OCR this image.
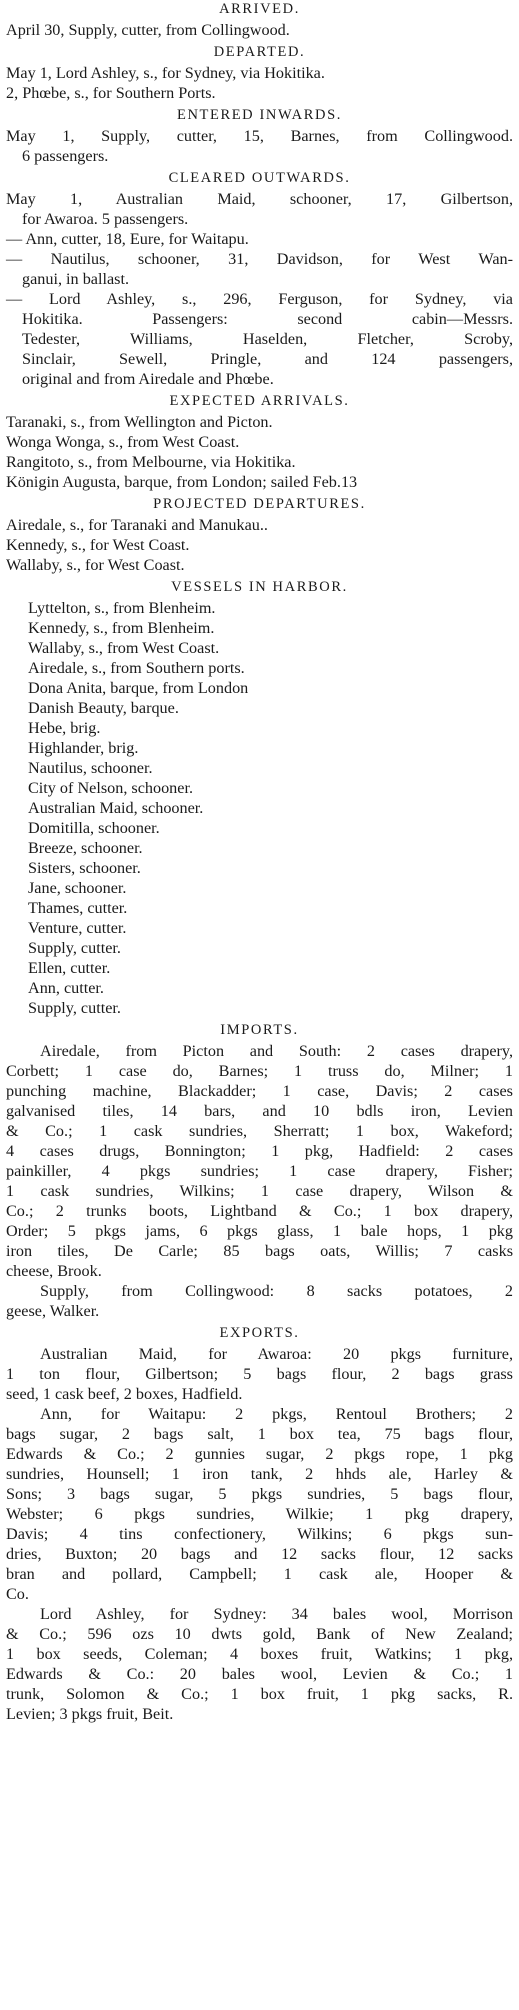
ARRIVED.
April 30, Supply, cutter, from Collingwood.
DEPARTED.
May 1, Lord Ashley, s., for Sydney, via Hokitika.
2, Phœbe, s., for Southern Ports.
ENTERED INWARDS.
May 1, Supply, cutter, 15, Barnes, from Collingwood.
6 passengers.
CLEARED OUTWARDS.
May 1, Australian Maid, schooner, 17, Gilbertson,
for Awaroa. 5 passengers.
— Ann, cutter, 18, Eure, for Waitapu.
— Nautilus, schooner, 31, Davidson, for West Wan-
ganui, in ballast.
— Lord Ashley, s., 296, Ferguson, for Sydney, via
Hokitika. Passengers: second cabin—Messrs.
Tedester, Williams, Haselden, Fletcher, Scroby,
Sinclair, Sewell, Pringle, and 124 passengers,
original and from Airedale and Phœbe.
EXPECTED ARRIVALS.
Taranaki, s., from Wellington and Picton.
Wonga Wonga, s., from West Coast.
Rangitoto, s., from Melbourne, via Hokitika.
Königin Augusta, barque, from London; sailed Feb.13
PROJECTED DEPARTURES.
Airedale, s., for Taranaki and Manukau..
Kennedy, s., for West Coast.
Wallaby, s., for West Coast.
VESSELS IN HARBOR.
Lyttelton, s., from Blenheim.
Kennedy, s., from Blenheim.
Wallaby, s., from West Coast.
Airedale, s., from Southern ports.
Dona Anita, barque, from London
Danish Beauty, barque.
Hebe, brig.
Highlander, brig.
Nautilus, schooner.
City of Nelson, schooner.
Australian Maid, schooner.
Domitilla, schooner.
Breeze, schooner.
Sisters, schooner.
Jane, schooner.
Thames, cutter.
Venture, cutter.
Supply, cutter.
Ellen, cutter.
Ann, cutter.
Supply, cutter.
IMPORTS.
Airedale, from Picton and South: 2 cases drapery,
Corbett; 1 case do, Barnes; 1 truss do, Milner; 1
punching machine, Blackadder; 1 case, Davis; 2 cases
galvanised tiles, 14 bars, and 10 bdls iron, Levien
& Co.; 1 cask sundries, Sherratt; 1 box, Wakeford;
4 cases drugs, Bonnington; 1 pkg, Hadfield: 2 cases
painkiller, 4 pkgs sundries; 1 case drapery, Fisher;
1 cask sundries, Wilkins; 1 case drapery, Wilson &
Co.; 2 trunks boots, Lightband & Co.; 1 box drapery,
Order; 5 pkgs jams, 6 pkgs glass, 1 bale hops, 1 pkg
iron tiles, De Carle; 85 bags oats, Willis; 7 casks
cheese, Brook.
Supply, from Collingwood: 8 sacks potatoes, 2
geese, Walker.
EXPORTS.
Australian Maid, for Awaroa: 20 pkgs furniture,
1 ton flour, Gilbertson; 5 bags flour, 2 bags grass
seed, 1 cask beef, 2 boxes, Hadfield.
Ann, for Waitapu: 2 pkgs, Rentoul Brothers; 2
bags sugar, 2 bags salt, 1 box tea, 75 bags flour,
Edwards & Co.; 2 gunnies sugar, 2 pkgs rope, 1 pkg
sundries, Hounsell; 1 iron tank, 2 hhds ale, Harley &
Sons; 3 bags sugar, 5 pkgs sundries, 5 bags flour,
Webster; 6 pkgs sundries, Wilkie; 1 pkg drapery,
Davis; 4 tins confectionery, Wilkins; 6 pkgs sun-
dries, Buxton; 20 bags and 12 sacks flour, 12 sacks
bran and pollard, Campbell; 1 cask ale, Hooper &
Co.
Lord Ashley, for Sydney: 34 bales wool, Morrison
& Co.; 596 ozs 10 dwts gold, Bank of New Zealand;
1 box seeds, Coleman; 4 boxes fruit, Watkins; 1 pkg,
Edwards & Co.: 20 bales wool, Levien & Co.; 1
trunk, Solomon & Co.; 1 box fruit, 1 pkg sacks, R.
Levien; 3 pkgs fruit, Beit.
